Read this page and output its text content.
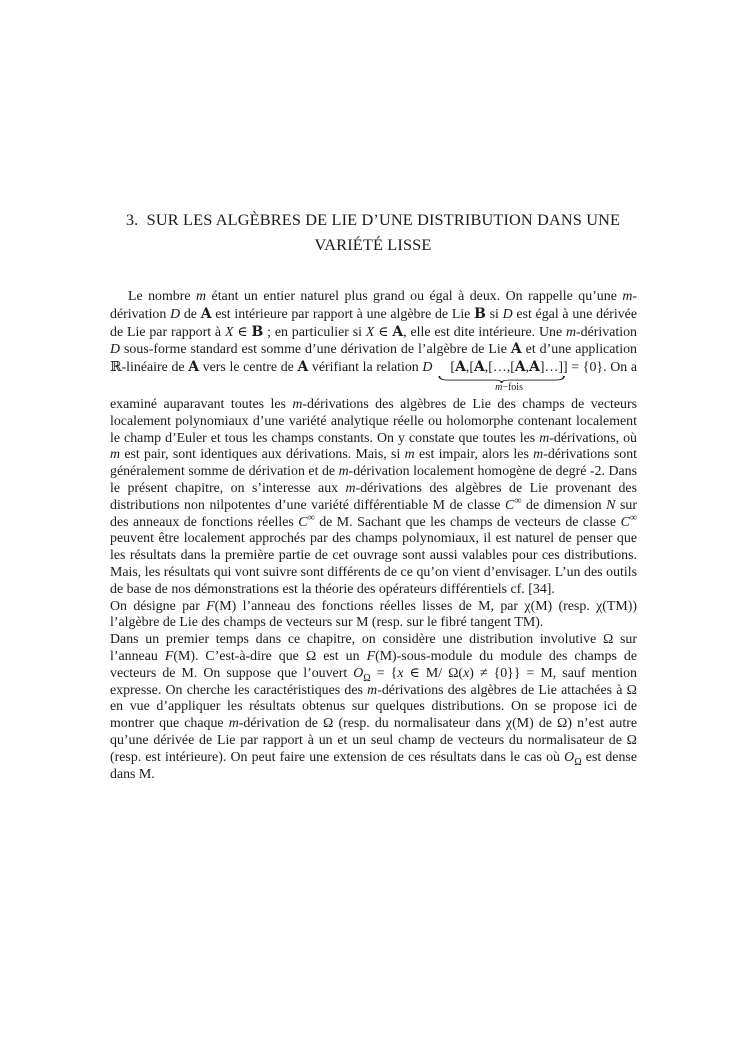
3. SUR LES ALGÈBRES DE LIE D’UNE DISTRIBUTION DANS UNE VARIÉTÉ LISSE

Le nombre m étant un entier naturel plus grand ou égal à deux. On rappelle qu’une m-dérivation D de A est intérieure par rapport à une algèbre de Lie B si D est égal à une dérivée de Lie par rapport à X ∈ B ; en particulier si X ∈ A, elle est dite intérieure. Une m-dérivation D sous-forme standard est somme d’une dérivation de l’algèbre de Lie A et d’une application ℝ-linéaire de A vers le centre de A vérifiant la relation D [A,[A,[…,[A,A]…]]
m−fois
= {0}. On a examiné auparavant toutes les m-dérivations des algèbres de Lie des champs de vecteurs localement polynomiaux d’une variété analytique réelle ou holomorphe contenant localement le champ d’Euler et tous les champs constants. On y constate que toutes les m-dérivations, où m est pair, sont identiques aux dérivations. Mais, si m est impair, alors les m-dérivations sont généralement somme de dérivation et de m-dérivation localement homogène de degré -2. Dans le présent chapitre, on s’interesse aux m-dérivations des algèbres de Lie provenant des distributions non nilpotentes d’une variété différentiable M de classe C∞ de dimension N sur des anneaux de fonctions réelles C∞ de M. Sachant que les champs de vecteurs de classe C∞ peuvent être localement approchés par des champs polynomiaux, il est naturel de penser que les résultats dans la première partie de cet ouvrage sont aussi valables pour ces distributions. Mais, les résultats qui vont suivre sont différents de ce qu’on vient d’envisager. L’un des outils de base de nos démonstrations est la théorie des opérateurs différentiels cf. [34].

On désigne par F(M) l’anneau des fonctions réelles lisses de M, par χ(M) (resp. χ(TM)) l’algèbre de Lie des champs de vecteurs sur M (resp. sur le fibré tangent TM).

Dans un premier temps dans ce chapitre, on considère une distribution involutive Ω sur l’anneau F(M). C’est-à-dire que Ω est un F(M)-sous-module du module des champs de vecteurs de M. On suppose que l’ouvert $O_\Omega = \{x$ ∈ M/ Ω(x) ≠ {0}} = M, sauf mention expresse. On cherche les caractéristiques des m-dérivations des algèbres de Lie attachées à Ω en vue d’appliquer les résultats obtenus sur quelques distributions. On se propose ici de montrer que chaque m-dérivation de Ω (resp. du normalisateur dans χ(M) de Ω) n’est autre qu’une dérivée de Lie par rapport à un et un seul champ de vecteurs du normalisateur de Ω (resp. est intérieure). On peut faire une extension de ces résultats dans le cas où $O_\Omega$ est dense dans M.
